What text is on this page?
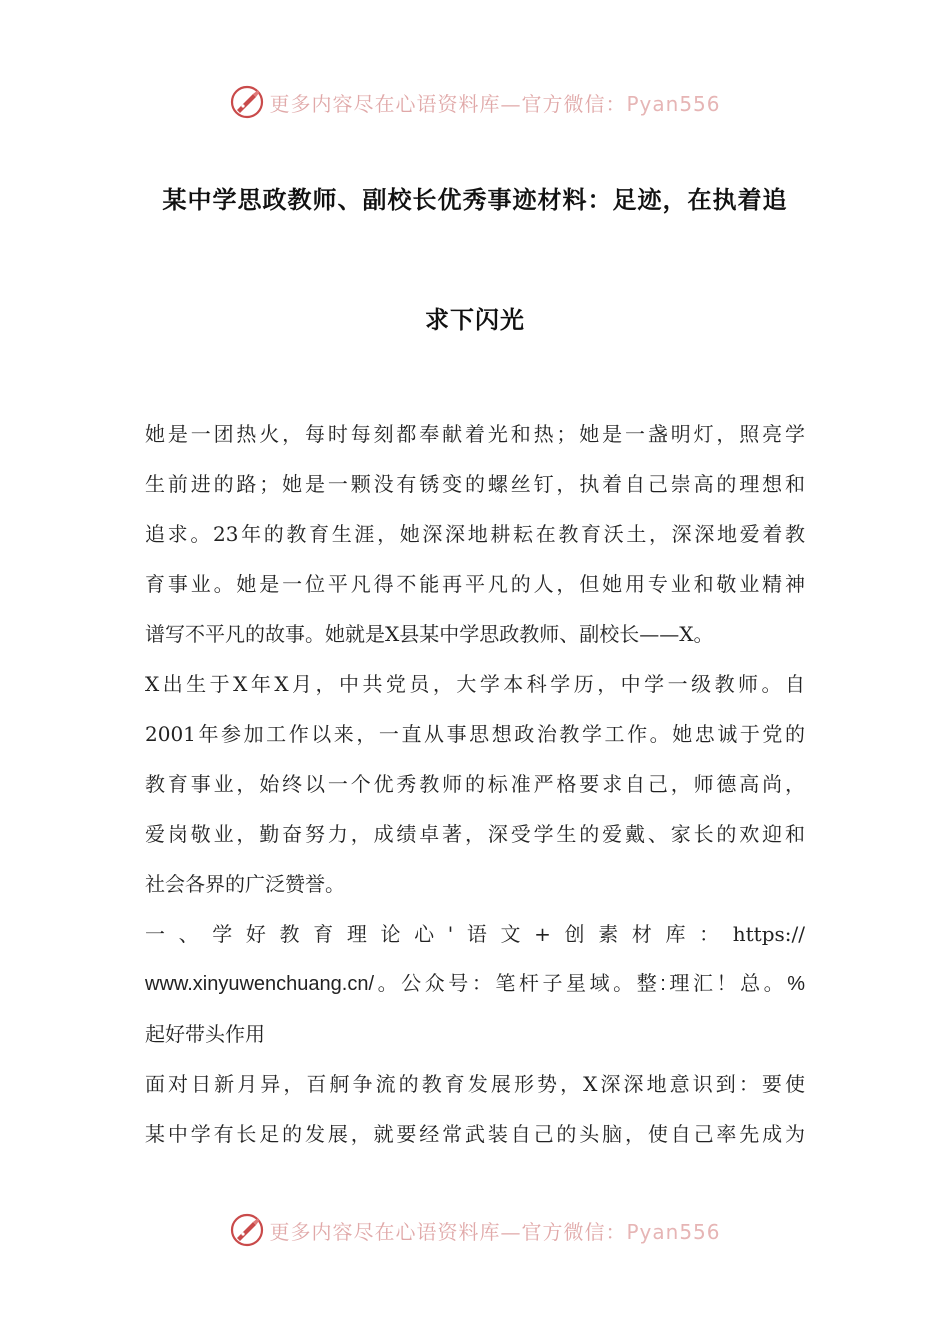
更多内容尽在心语资料库—官方微信：Pyan556
某中学思政教师、副校长优秀事迹材料：足迹，在执着追
求下闪光
她是一团热火，每时每刻都奉献着光和热；她是一盏明灯，照亮学
生前进的路；她是一颗没有锈变的螺丝钉，执着自己崇高的理想和
追求。23年的教育生涯，她深深地耕耘在教育沃土，深深地爱着教
育事业。她是一位平凡得不能再平凡的人，但她用专业和敬业精神
谱写不平凡的故事。她就是X县某中学思政教师、副校长——X。
X出生于X年X月，中共党员，大学本科学历，中学一级教师。自
2001年参加工作以来，一直从事思想政治教学工作。她忠诚于党的
教育事业，始终以一个优秀教师的标准严格要求自己，师德高尚，
爱岗敬业，勤奋努力，成绩卓著，深受学生的爱戴、家长的欢迎和
社会各界的广泛赞誉。
一、学好教育理论心'语文+创素材库：https://
www.xinyuwenchuang.cn/。公众号：笔杆子星域。整:理汇！总。%
起好带头作用
面对日新月异，百舸争流的教育发展形势，X深深地意识到：要使
某中学有长足的发展，就要经常武装自己的头脑，使自己率先成为
更多内容尽在心语资料库—官方微信：Pyan556
